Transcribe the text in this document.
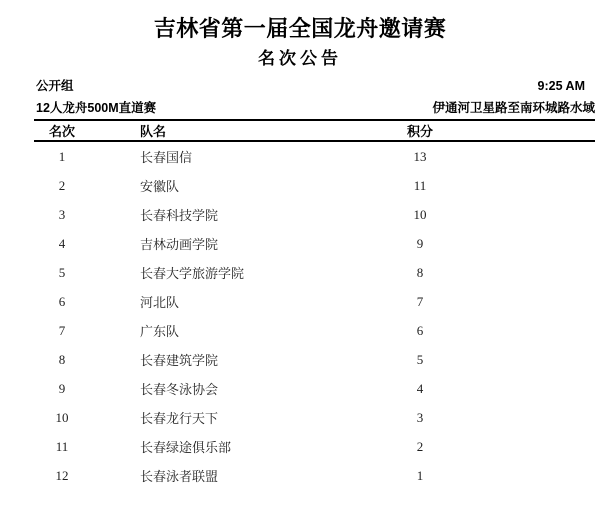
吉林省第一届全国龙舟邀请赛
名次公告
公开组	9:25 AM
12人龙舟500M直道赛	伊通河卫星路至南环城路水域
名次	队名	积分
1	长春国信	13
2	安徽队	11
3	长春科技学院	10
4	吉林动画学院	9
5	长春大学旅游学院	8
6	河北队	7
7	广东队	6
8	长春建筑学院	5
9	长春冬泳协会	4
10	长春龙行天下	3
11	长春绿途俱乐部	2
12	长春泳者联盟	1
